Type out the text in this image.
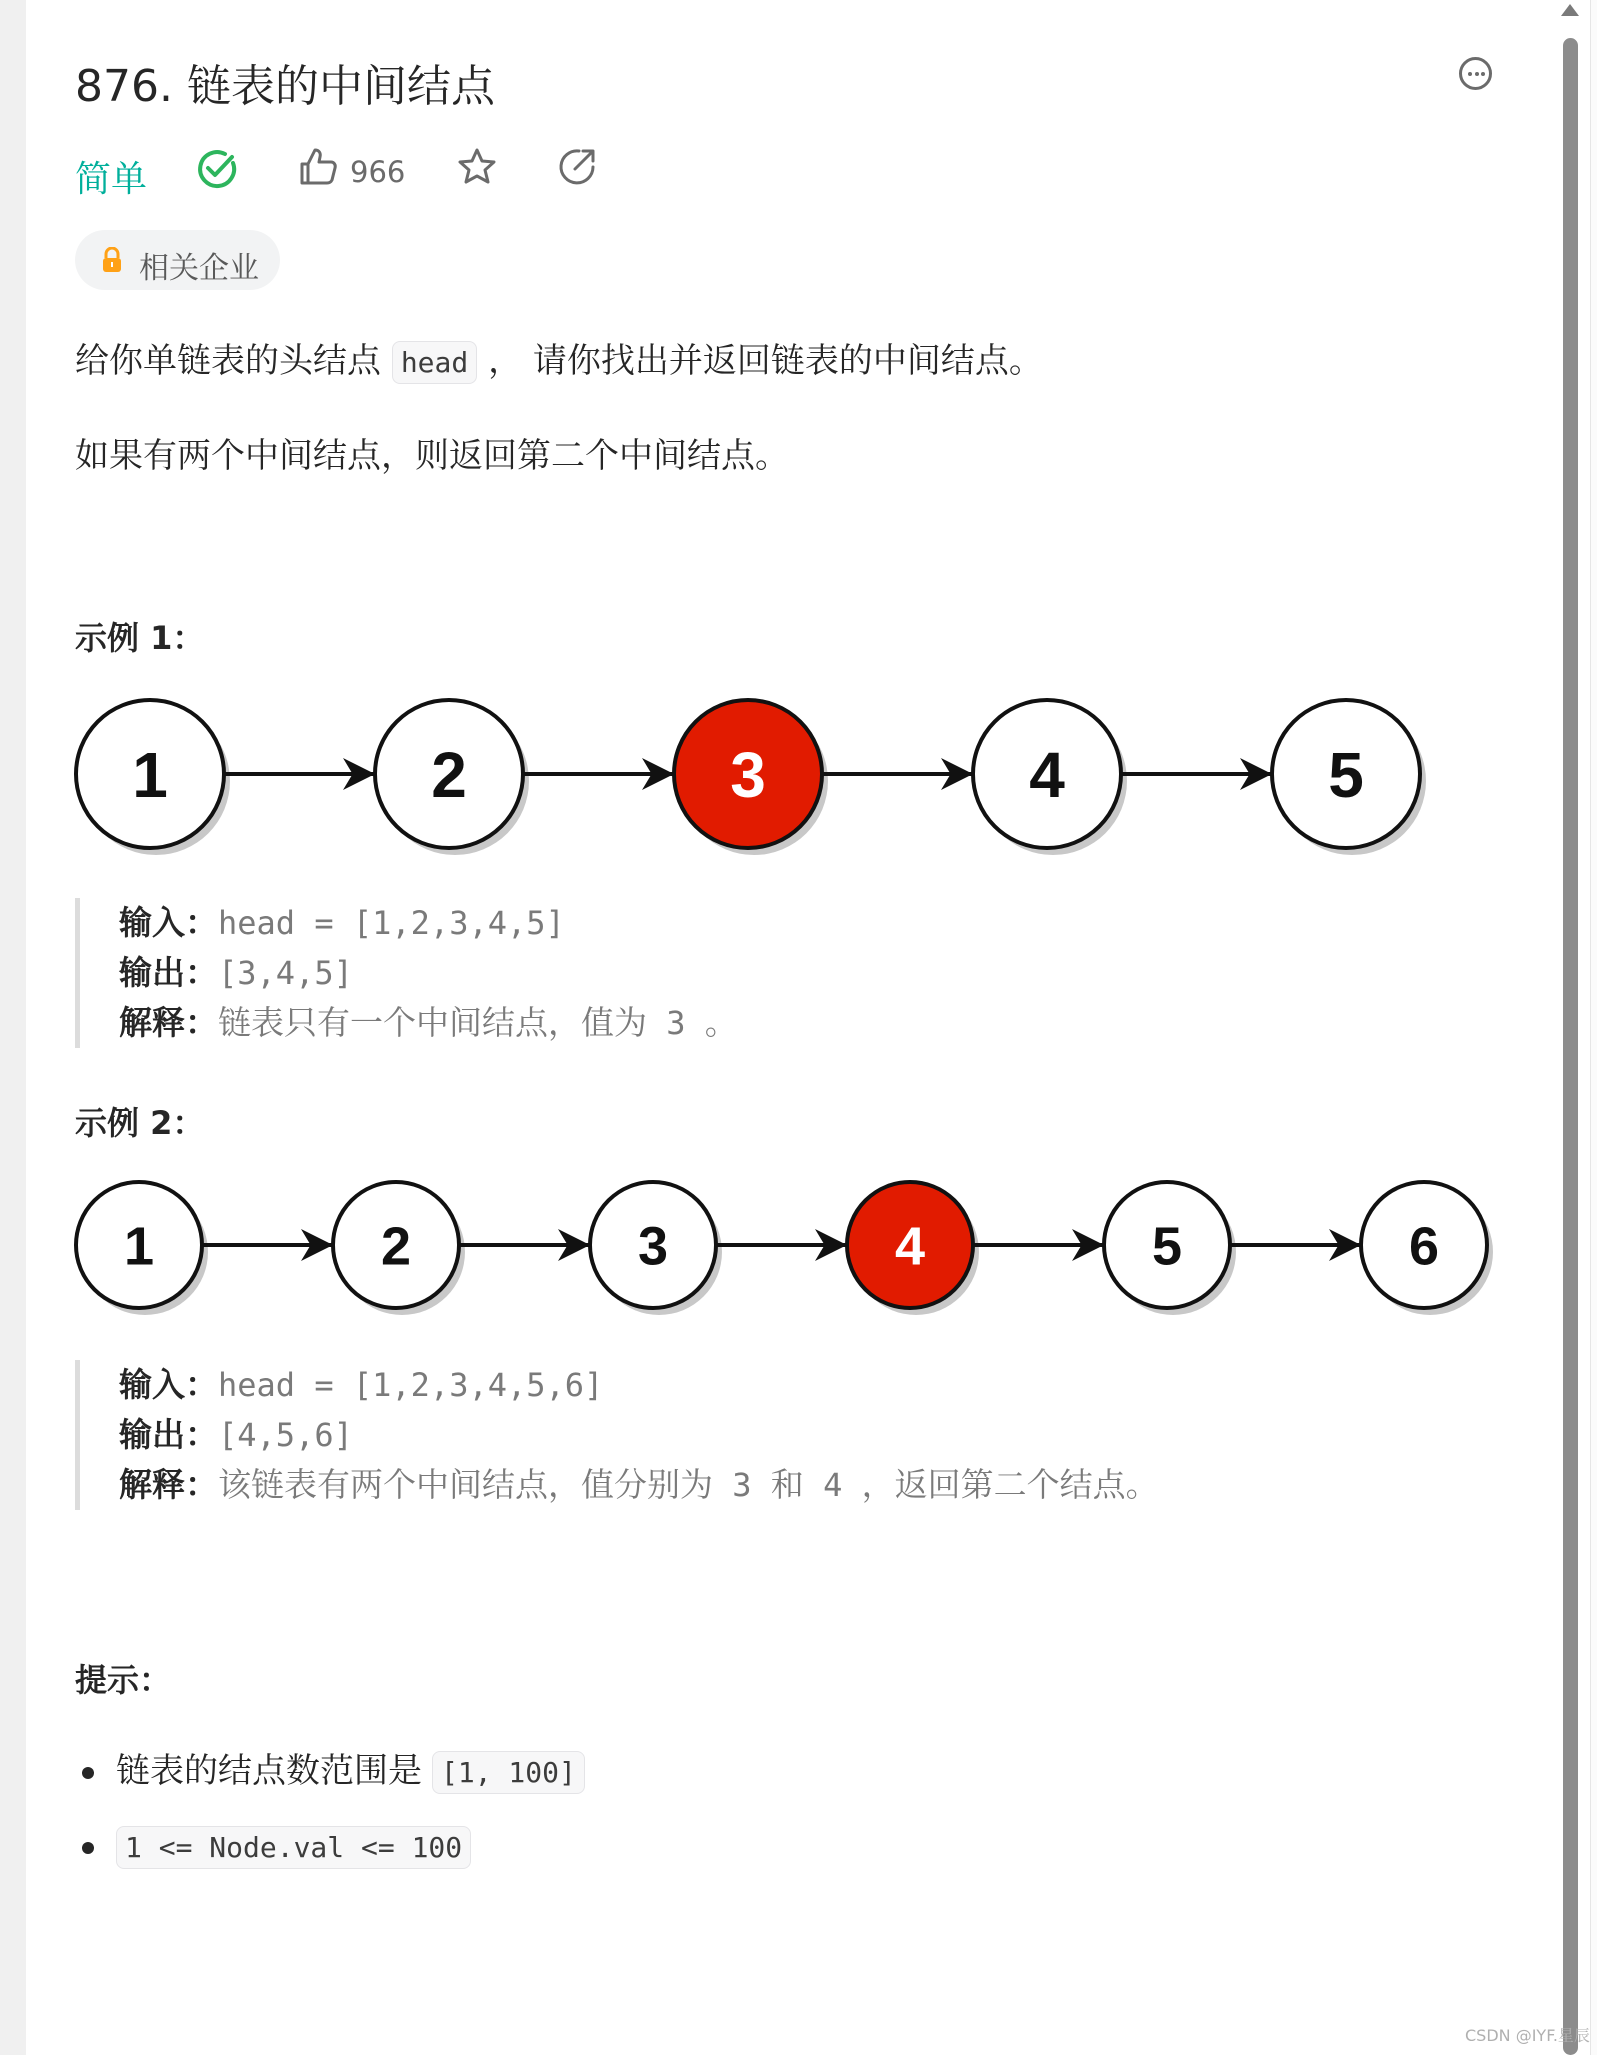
876. 链表的中间结点
简单	966
相关企业
给你单链表的头结点 head ， 请你找出并返回链表的中间结点。
如果有两个中间结点，则返回第二个中间结点。
示例 1：
1	2	3	4	5
输入：head = [1,2,3,4,5]
输出：[3,4,5]
解释：链表只有一个中间结点，值为 3 。
示例 2：
1	2	3	4	5	6
输入：head = [1,2,3,4,5,6]
输出：[4,5,6]
解释：该链表有两个中间结点，值分别为 3 和 4 ，返回第二个结点。
提示：
链表的结点数范围是 [1, 100]
1 <= Node.val <= 100
CSDN @IYF.星辰
